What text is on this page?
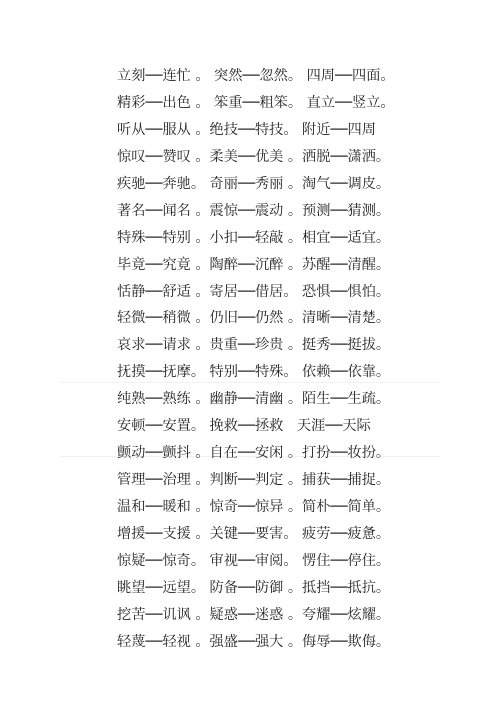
立刻──连忙 。 突然──忽然。 四周──四面。
精彩──出色 。 笨重──粗笨。 直立──竖立。
听从──服从 。绝技──特技。 附近──四周
惊叹──赞叹 。柔美──优美 。洒脱──潇洒。
疾驰──奔驰。 奇丽──秀丽 。淘气──调皮。
著名──闻名 。震惊──震动 。预测──猜测。
特殊──特别 。小扣──轻敲 。相宜──适宜。
毕竟──究竟 。陶醉──沉醉 。苏醒──清醒。
恬静──舒适 。寄居──借居。 恐惧──惧怕。
轻微──稍微 。仍旧──仍然 。清晰──清楚。
哀求──请求 。贵重──珍贵 。挺秀──挺拔。
抚摸──抚摩。 特别──特殊。 依赖──依靠。
纯熟──熟练 。幽静──清幽 。陌生──生疏。
安顿──安置。 挽救──拯救   天涯──天际
颤动──颤抖 。自在──安闲 。打扮──妆扮。
管理──治理 。判断──判定 。捕获──捕捉。
温和──暖和 。惊奇──惊异 。简朴──简单。
增援──支援 。关键──要害。 疲劳──疲惫。
惊疑──惊奇。 审视──审阅。 愣住──停住。
眺望──远望。 防备──防御 。抵挡──抵抗。
挖苦──讥讽 。疑惑──迷惑 。夸耀──炫耀。
轻蔑──轻视 。强盛──强大 。侮辱──欺侮。
